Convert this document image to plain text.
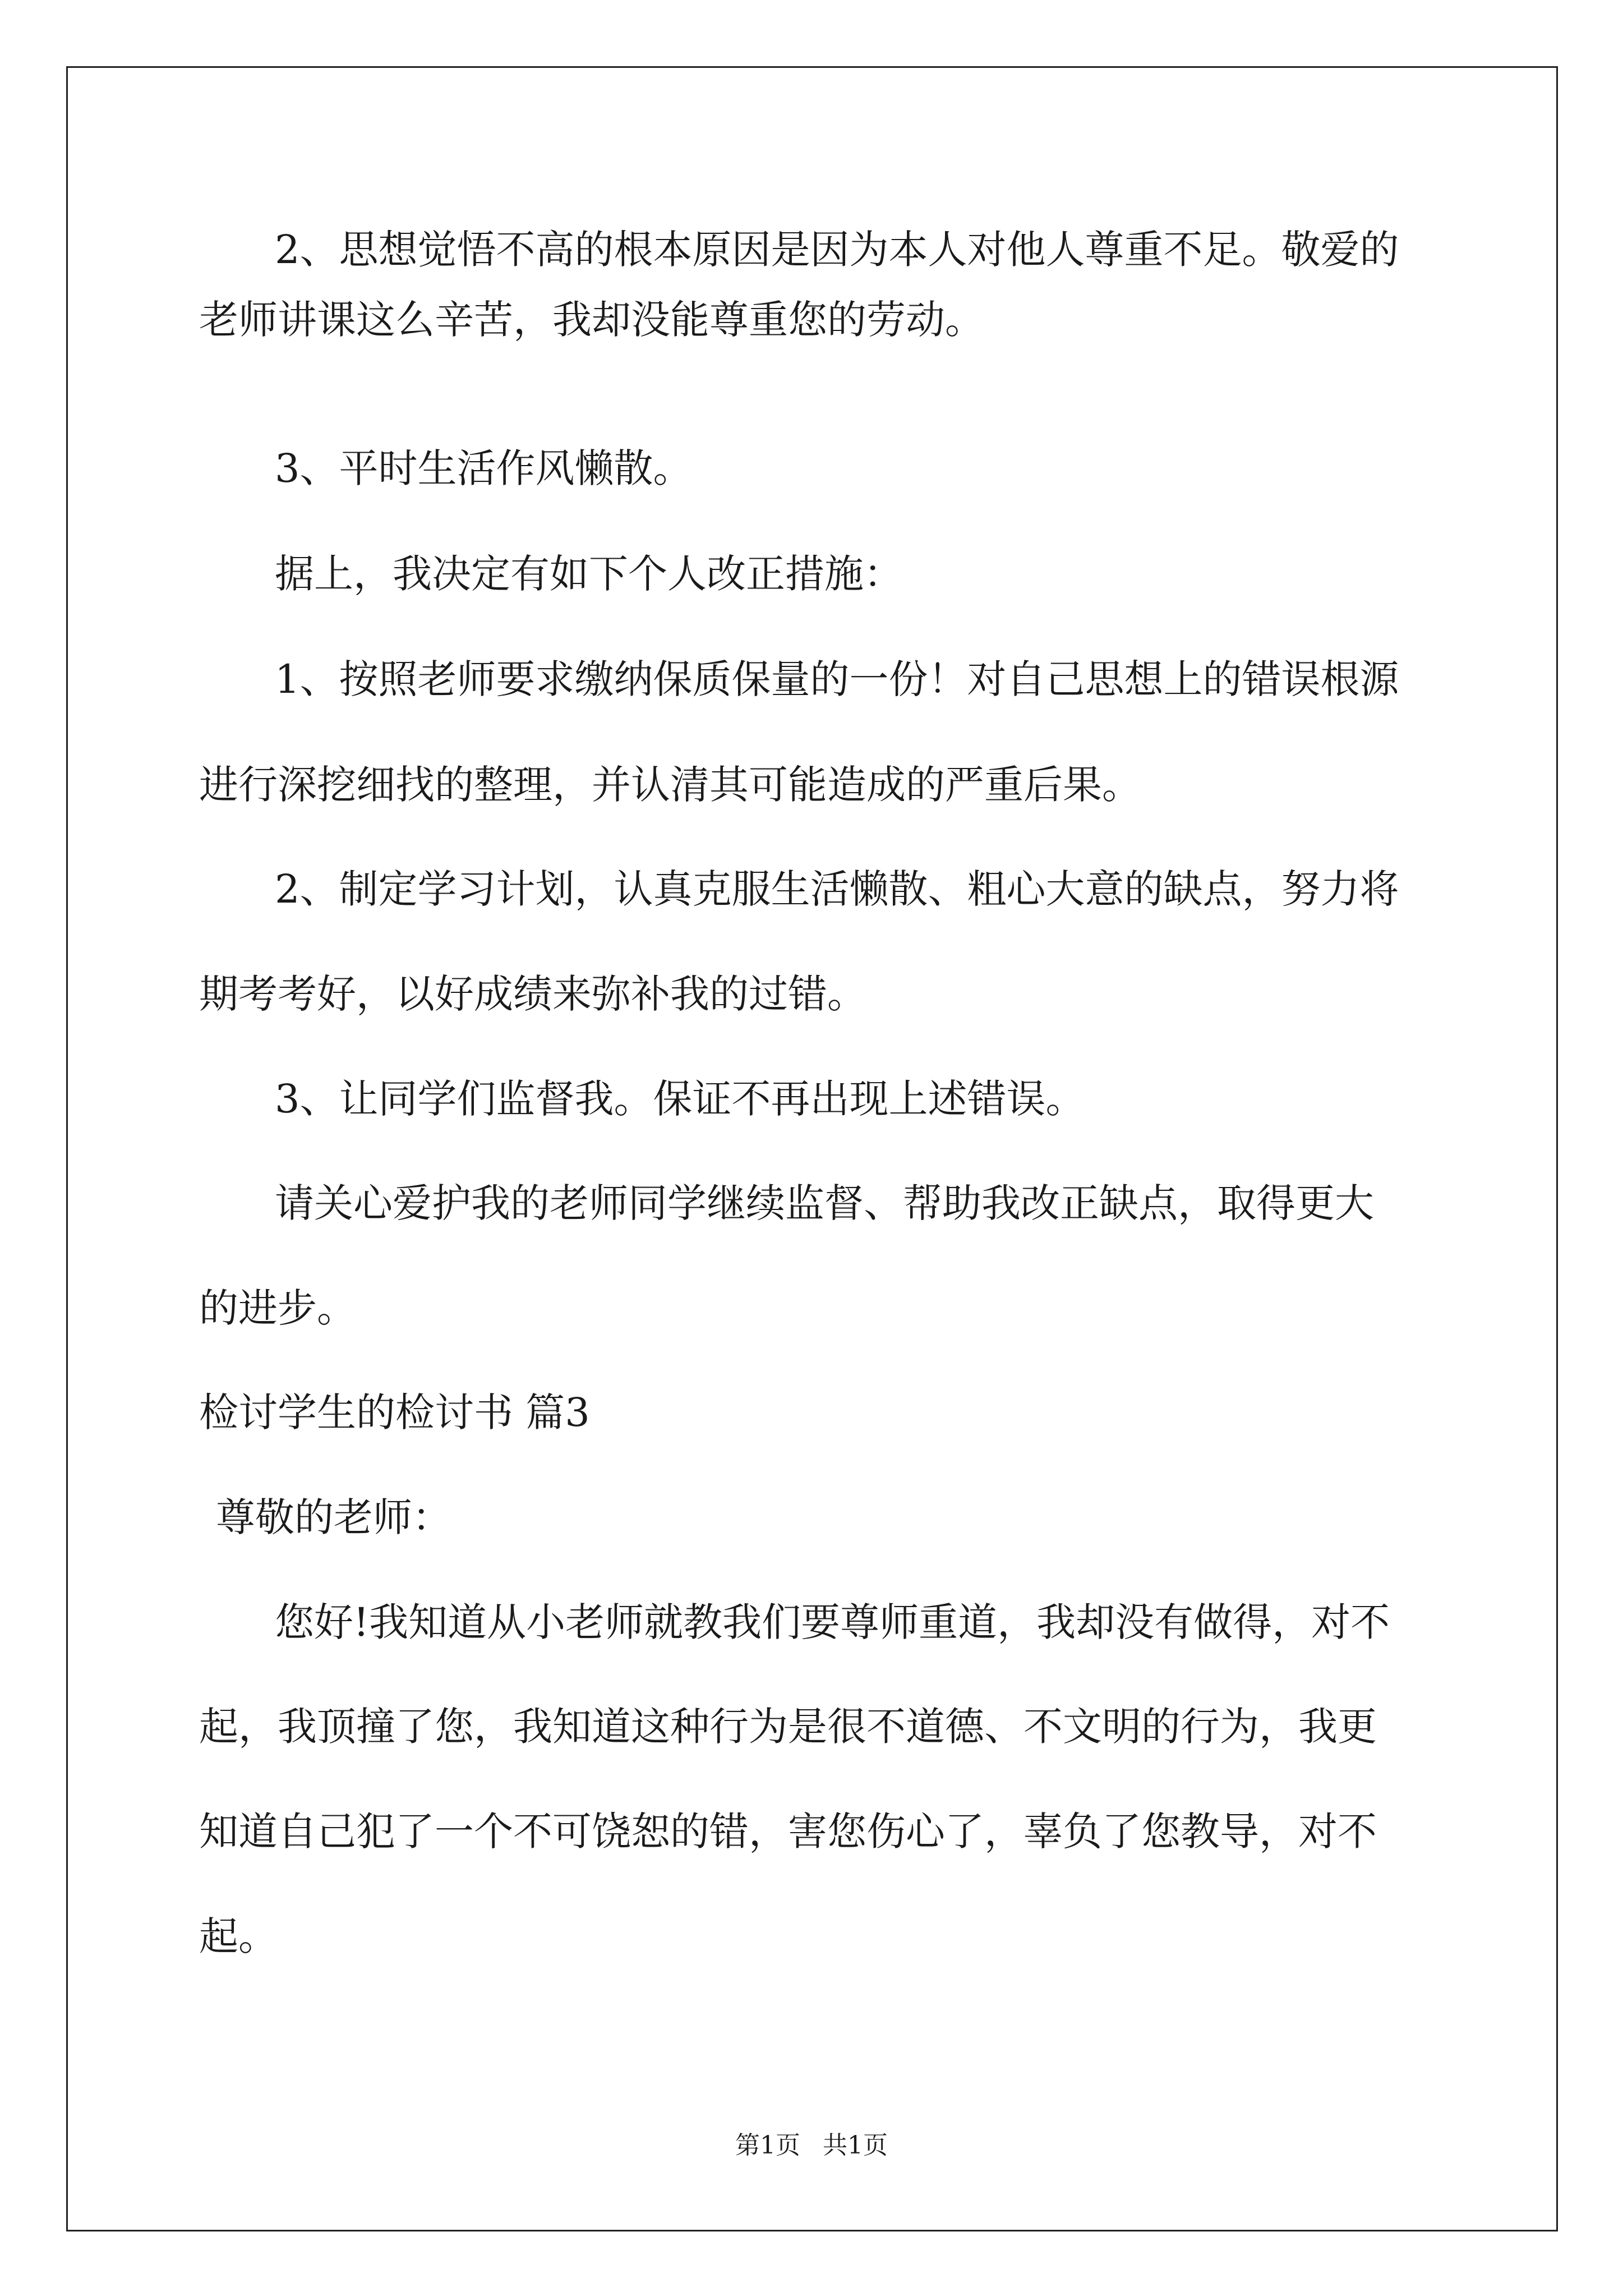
2、思想觉悟不高的根本原因是因为本人对他人尊重不足。敬爱的
老师讲课这么辛苦，我却没能尊重您的劳动。
3、平时生活作风懒散。
据上，我决定有如下个人改正措施：
1、按照老师要求缴纳保质保量的一份！对自己思想上的错误根源
进行深挖细找的整理，并认清其可能造成的严重后果。
2、制定学习计划，认真克服生活懒散、粗心大意的缺点，努力将
期考考好，以好成绩来弥补我的过错。
3、让同学们监督我。保证不再出现上述错误。
请关心爱护我的老师同学继续监督、帮助我改正缺点，取得更大
的进步。
检讨学生的检讨书 篇3
尊敬的老师：
您好!我知道从小老师就教我们要尊师重道，我却没有做得，对不
起，我顶撞了您，我知道这种行为是很不道德、不文明的行为，我更
知道自己犯了一个不可饶恕的错，害您伤心了，辜负了您教导，对不
起。
第1页 共1页
